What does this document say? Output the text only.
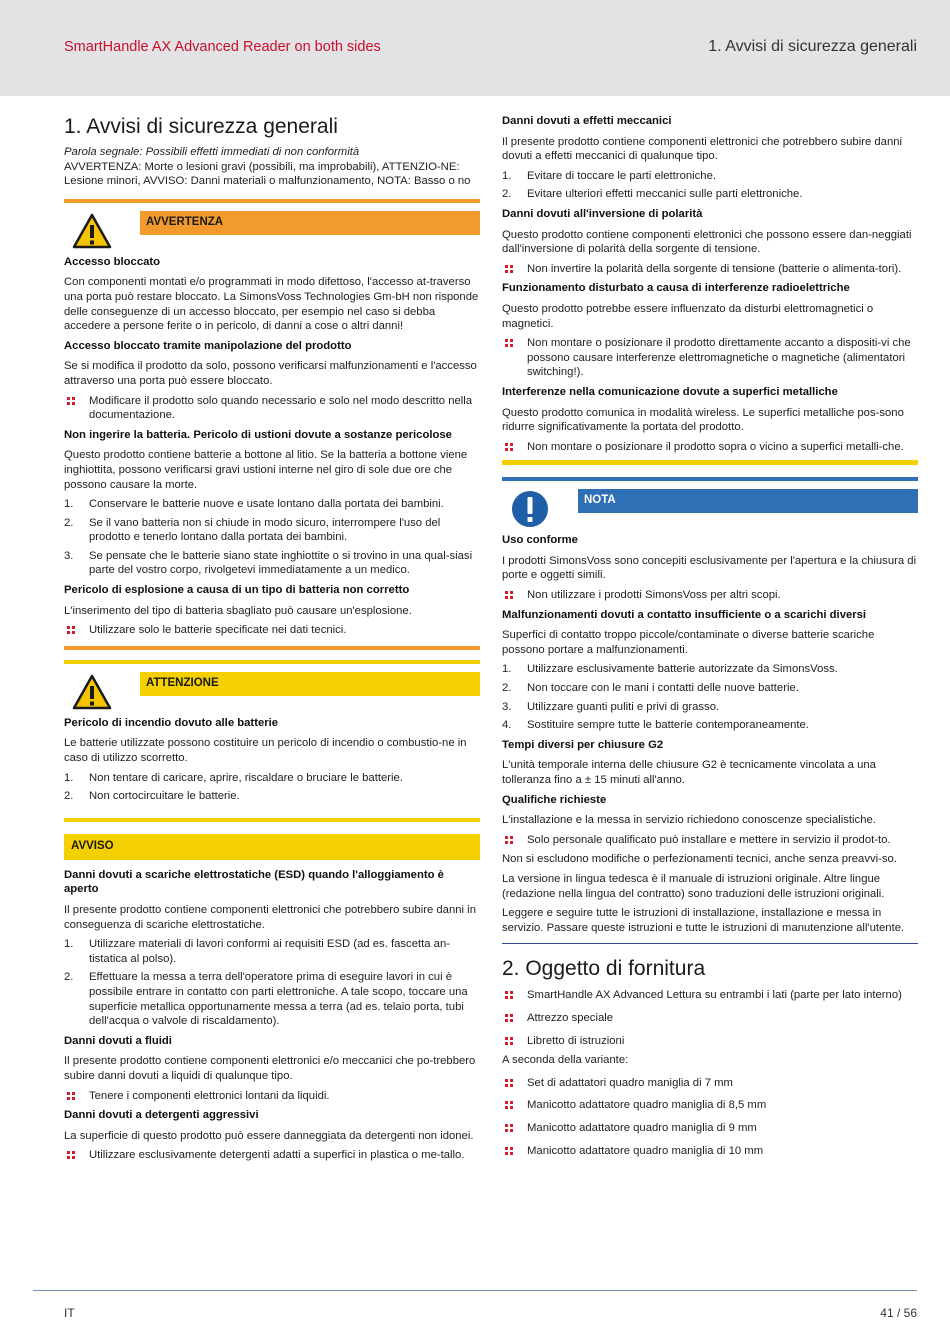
SmartHandle AX Advanced Reader on both sides	1. Avvisi di sicurezza generali
1. Avvisi di sicurezza generali

Parola segnale: Possibili effetti immediati di non conformità

AVVERTENZA: Morte o lesioni gravi (possibili, ma improbabili), ATTENZIO-NE: Lesione minori, AVVISO: Danni materiali o malfunzionamento, NOTA: Basso o no

AVVERTENZA
Accesso bloccato

Con componenti montati e/o programmati in modo difettoso, l'accesso at-traverso una porta può restare bloccato. La SimonsVoss Technologies Gm-bH non risponde delle conseguenze di un accesso bloccato, per esempio nel caso si debba accedere a persone ferite o in pericolo, di danni a cose o altri danni!

Accesso bloccato tramite manipolazione del prodotto

Se si modifica il prodotto da solo, possono verificarsi malfunzionamenti e l'accesso attraverso una porta può essere bloccato.

Modificare il prodotto solo quando necessario e solo nel modo descritto nella documentazione.
Non ingerire la batteria. Pericolo di ustioni dovute a sostanze pericolose

Questo prodotto contiene batterie a bottone al litio. Se la batteria a bottone viene inghiottita, possono verificarsi gravi ustioni interne nel giro di sole due ore che possono causare la morte.

1. Conservare le batterie nuove e usate lontano dalla portata dei bambini.
2. Se il vano batteria non si chiude in modo sicuro, interrompere l'uso del prodotto e tenerlo lontano dalla portata dei bambini.
3. Se pensate che le batterie siano state inghiottite o si trovino in una qual-siasi parte del vostro corpo, rivolgetevi immediatamente a un medico.
Pericolo di esplosione a causa di un tipo di batteria non corretto

L'inserimento del tipo di batteria sbagliato può causare un'esplosione.

Utilizzare solo le batterie specificate nei dati tecnici.
ATTENZIONE
Pericolo di incendio dovuto alle batterie

Le batterie utilizzate possono costituire un pericolo di incendio o combustio-ne in caso di utilizzo scorretto.

1. Non tentare di caricare, aprire, riscaldare o bruciare le batterie.
2. Non cortocircuitare le batterie.
AVVISO
Danni dovuti a scariche elettrostatiche (ESD) quando l'alloggiamento è aperto

Il presente prodotto contiene componenti elettronici che potrebbero subire danni in conseguenza di scariche elettrostatiche.

1. Utilizzare materiali di lavori conformi ai requisiti ESD (ad es. fascetta an-tistatica al polso).
2. Effettuare la messa a terra dell'operatore prima di eseguire lavori in cui è possibile entrare in contatto con parti elettroniche. A tale scopo, toccare una superficie metallica opportunamente messa a terra (ad es. telaio porta, tubi dell'acqua o valvole di riscaldamento).
Danni dovuti a fluidi

Il presente prodotto contiene componenti elettronici e/o meccanici che po-trebbero subire danni dovuti a liquidi di qualunque tipo.

Tenere i componenti elettronici lontani da liquidi.
Danni dovuti a detergenti aggressivi

La superficie di questo prodotto può essere danneggiata da detergenti non idonei.

Utilizzare esclusivamente detergenti adatti a superfici in plastica o me-tallo.
Danni dovuti a effetti meccanici

Il presente prodotto contiene componenti elettronici che potrebbero subire danni dovuti a effetti meccanici di qualunque tipo.

1. Evitare di toccare le parti elettroniche.
2. Evitare ulteriori effetti meccanici sulle parti elettroniche.
Danni dovuti all'inversione di polarità

Questo prodotto contiene componenti elettronici che possono essere dan-neggiati dall'inversione di polarità della sorgente di tensione.

Non invertire la polarità della sorgente di tensione (batterie o alimenta-tori).
Funzionamento disturbato a causa di interferenze radioelettriche

Questo prodotto potrebbe essere influenzato da disturbi elettromagnetici o magnetici.

Non montare o posizionare il prodotto direttamente accanto a dispositi-vi che possono causare interferenze elettromagnetiche o magnetiche (alimentatori switching!).
Interferenze nella comunicazione dovute a superfici metalliche

Questo prodotto comunica in modalità wireless. Le superfici metalliche pos-sono ridurre significativamente la portata del prodotto.

Non montare o posizionare il prodotto sopra o vicino a superfici metalli-che.
NOTA
Uso conforme

I prodotti SimonsVoss sono concepiti esclusivamente per l'apertura e la chiusura di porte e oggetti simili.

Non utilizzare i prodotti SimonsVoss per altri scopi.
Malfunzionamenti dovuti a contatto insufficiente o a scarichi diversi

Superfici di contatto troppo piccole/contaminate o diverse batterie scariche possono portare a malfunzionamenti.

1. Utilizzare esclusivamente batterie autorizzate da SimonsVoss.
2. Non toccare con le mani i contatti delle nuove batterie.
3. Utilizzare guanti puliti e privi di grasso.
4. Sostituire sempre tutte le batterie contemporaneamente.
Tempi diversi per chiusure G2

L'unità temporale interna delle chiusure G2 è tecnicamente vincolata a una tolleranza fino a ± 15 minuti all'anno.

Qualifiche richieste

L'installazione e la messa in servizio richiedono conoscenze specialistiche.

Solo personale qualificato può installare e mettere in servizio il prodot-to.

Non si escludono modifiche o perfezionamenti tecnici, anche senza preavvi-so.

La versione in lingua tedesca è il manuale di istruzioni originale. Altre lingue (redazione nella lingua del contratto) sono traduzioni delle istruzioni originali.

Leggere e seguire tutte le istruzioni di installazione, installazione e messa in servizio. Passare queste istruzioni e tutte le istruzioni di manutenzione all'utente.

2. Oggetto di fornitura
SmartHandle AX Advanced Lettura su entrambi i lati (parte per lato interno)
Attrezzo speciale
Libretto di istruzioni

A seconda della variante:

Set di adattatori quadro maniglia di 7 mm
Manicotto adattatore quadro maniglia di 8,5 mm
Manicotto adattatore quadro maniglia di 9 mm
Manicotto adattatore quadro maniglia di 10 mm
IT	41 / 56
